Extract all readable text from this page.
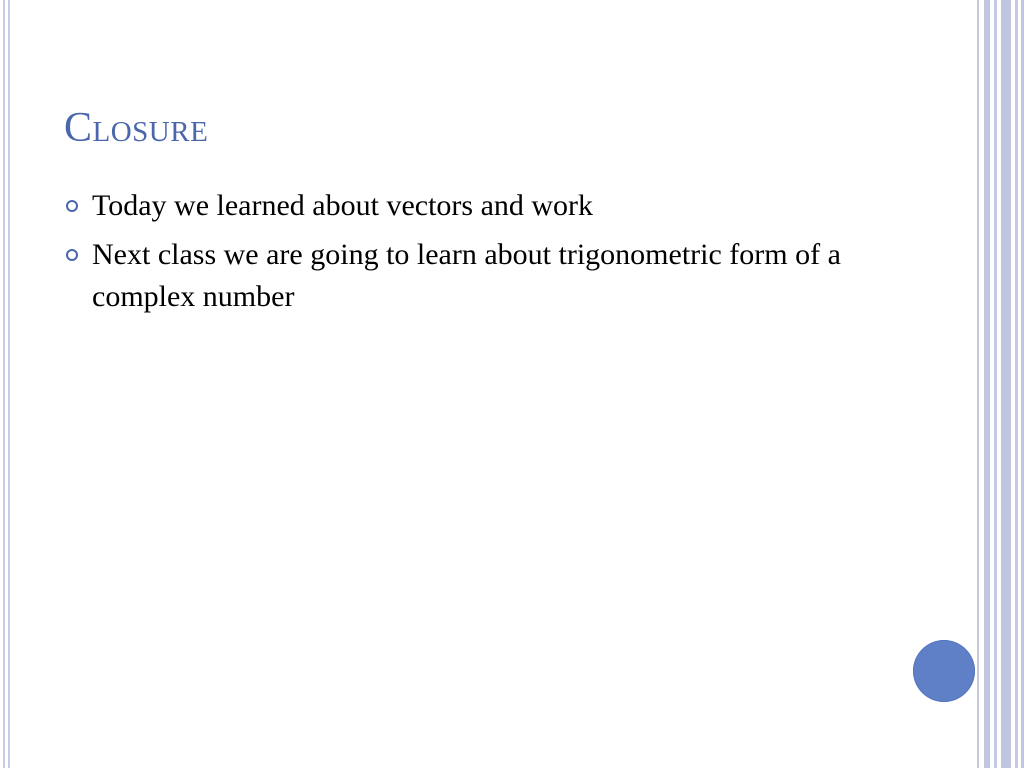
Closure
Today we learned about vectors and work
Next class we are going to learn about trigonometric form of a complex number
